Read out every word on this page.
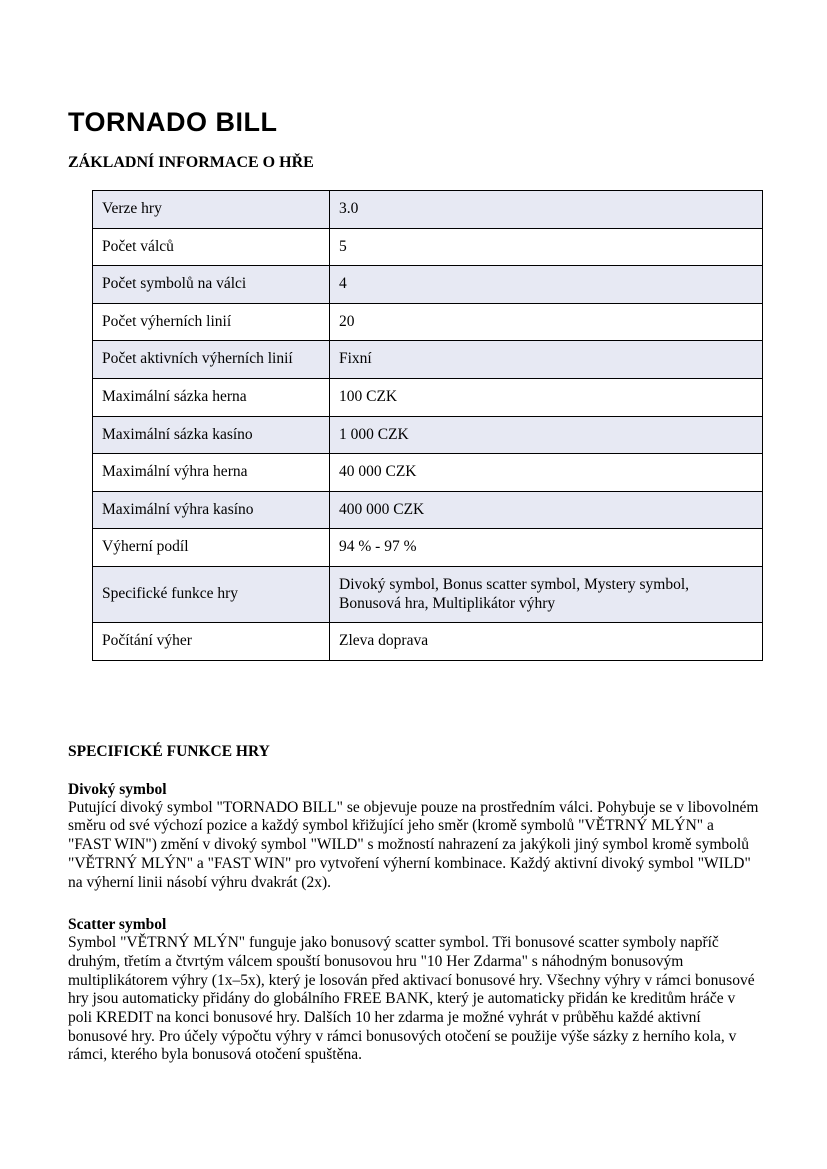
TORNADO BILL
ZÁKLADNÍ INFORMACE O HŘE
Verze hry	3.0
Počet válců	5
Počet symbolů na válci	4
Počet výherních linií	20
Počet aktivních výherních linií	Fixní
Maximální sázka herna	100 CZK
Maximální sázka kasíno	1 000 CZK
Maximální výhra herna	40 000 CZK
Maximální výhra kasíno	400 000 CZK
Výherní podíl	94 % - 97 %
Specifické funkce hry	Divoký symbol, Bonus scatter symbol, Mystery symbol, Bonusová hra, Multiplikátor výhry
Počítání výher	Zleva doprava
SPECIFICKÉ FUNKCE HRY
Divoký symbol

Putující divoký symbol "TORNADO BILL" se objevuje pouze na prostředním válci. Pohybuje se v libovolném směru od své výchozí pozice a každý symbol křižující jeho směr (kromě symbolů "VĚTRNÝ MLÝN" a "FAST WIN") změní v divoký symbol "WILD" s možností nahrazení za jakýkoli jiný symbol kromě symbolů "VĚTRNÝ MLÝN" a "FAST WIN" pro vytvoření výherní kombinace. Každý aktivní divoký symbol "WILD" na výherní linii násobí výhru dvakrát (2x).

Scatter symbol

Symbol "VĚTRNÝ MLÝN" funguje jako bonusový scatter symbol. Tři bonusové scatter symboly napříč druhým, třetím a čtvrtým válcem spouští bonusovou hru "10 Her Zdarma" s náhodným bonusovým multiplikátorem výhry (1x–5x), který je losován před aktivací bonusové hry. Všechny výhry v rámci bonusové hry jsou automaticky přidány do globálního FREE BANK, který je automaticky přidán ke kreditům hráče v poli KREDIT na konci bonusové hry. Dalších 10 her zdarma je možné vyhrát v průběhu každé aktivní bonusové hry. Pro účely výpočtu výhry v rámci bonusových otočení se použije výše sázky z herního kola, v rámci, kterého byla bonusová otočení spuštěna.
